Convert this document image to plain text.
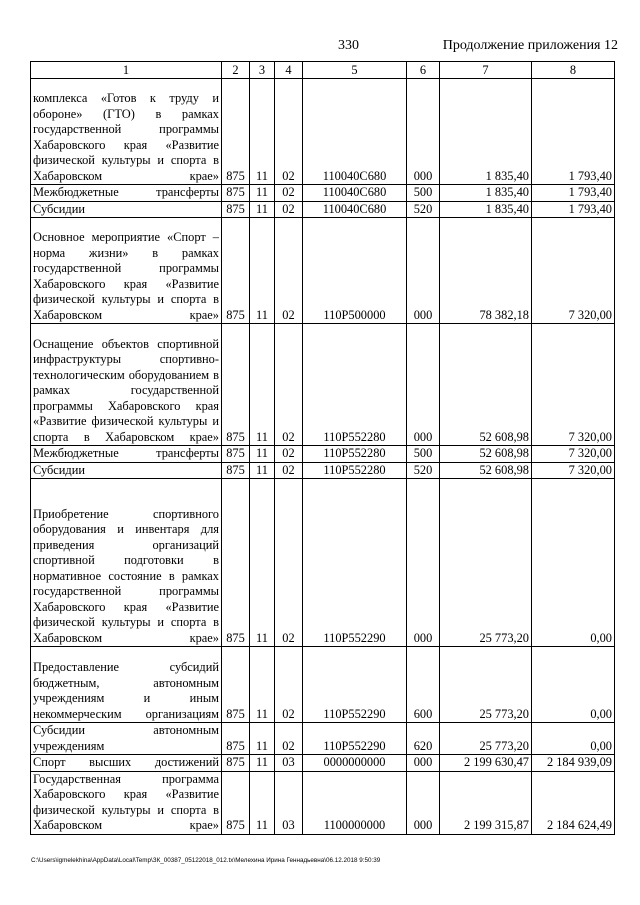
330	Продолжение приложения 12
1	2	3	4	5	6	7	8
комплекса «Готов к труду и обороне» (ГТО) в рамках государственной программы Хабаровского края «Развитие физической культуры и спорта в Хабаровском крае»	875	11	02	110040С680	000	1 835,40	1 793,40
Межбюджетные трансферты	875	11	02	110040С680	500	1 835,40	1 793,40
Субсидии	875	11	02	110040С680	520	1 835,40	1 793,40
Основное мероприятие «Спорт – норма жизни» в рамках государственной программы Хабаровского края «Развитие физической культуры и спорта в Хабаровском крае»	875	11	02	110Р500000	000	78 382,18	7 320,00
Оснащение объектов спортивной инфраструктуры спортивно-технологическим оборудованием в рамках государственной программы Хабаровского края «Развитие физической культуры и спорта в Хабаровском крае»	875	11	02	110Р552280	000	52 608,98	7 320,00
Межбюджетные трансферты	875	11	02	110Р552280	500	52 608,98	7 320,00
Субсидии	875	11	02	110Р552280	520	52 608,98	7 320,00
Приобретение спортивного оборудования и инвентаря для приведения организаций спортивной подготовки в нормативное состояние в рамках государственной программы Хабаровского края «Развитие физической культуры и спорта в Хабаровском крае»	875	11	02	110Р552290	000	25 773,20	0,00
Предоставление субсидий бюджетным, автономным учреждениям и иным некоммерческим организациям	875	11	02	110Р552290	600	25 773,20	0,00
Субсидии автономным учреждениям	875	11	02	110Р552290	620	25 773,20	0,00
Спорт высших достижений	875	11	03	0000000000	000	2 199 630,47	2 184 939,09
Государственная программа Хабаровского края «Развитие физической культуры и спорта в Хабаровском крае»	875	11	03	1100000000	000	2 199 315,87	2 184 624,49
C:\Users\igmelekhina\AppData\Local\Temp\ЗК_00387_05122018_012.tx\Мелехина Ирина Геннадьевна\06.12.2018 9:50:39
